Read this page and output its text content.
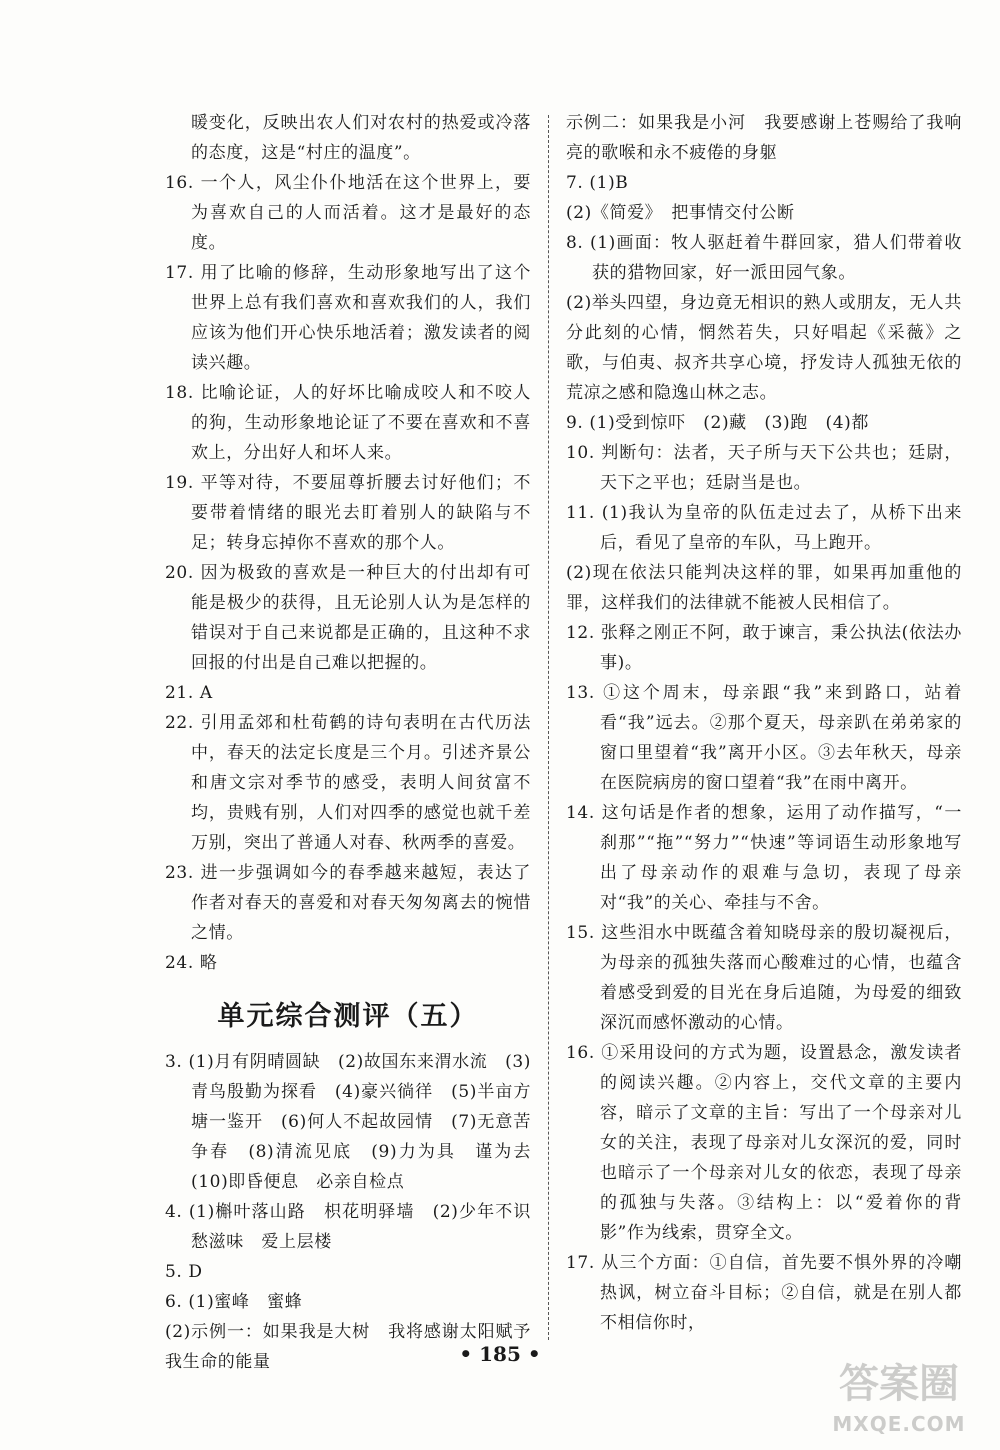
暖变化，反映出农人们对农村的热爱或冷落的态度，这是“村庄的温度”。

16. 一个人，风尘仆仆地活在这个世界上，要为喜欢自己的人而活着。这才是最好的态度。

17. 用了比喻的修辞，生动形象地写出了这个世界上总有我们喜欢和喜欢我们的人，我们应该为他们开心快乐地活着；激发读者的阅读兴趣。

18. 比喻论证，人的好坏比喻成咬人和不咬人的狗，生动形象地论证了不要在喜欢和不喜欢上，分出好人和坏人来。

19. 平等对待，不要屈尊折腰去讨好他们；不要带着情绪的眼光去盯着别人的缺陷与不足；转身忘掉你不喜欢的那个人。

20. 因为极致的喜欢是一种巨大的付出却有可能是极少的获得，且无论别人认为是怎样的错误对于自己来说都是正确的，且这种不求回报的付出是自己难以把握的。

21. A

22. 引用孟郊和杜荀鹤的诗句表明在古代历法中，春天的法定长度是三个月。引述齐景公和唐文宗对季节的感受，表明人间贫富不均，贵贱有别，人们对四季的感觉也就千差万别，突出了普通人对春、秋两季的喜爱。

23. 进一步强调如今的春季越来越短，表达了作者对春天的喜爱和对春天匆匆离去的惋惜之情。

24. 略

单元综合测评（五）

3. (1)月有阴晴圆缺　(2)故国东来渭水流　(3)青鸟殷勤为探看　(4)豪兴徜徉　(5)半亩方塘一鉴开　(6)何人不起故园情　(7)无意苦争春　(8)清流见底　(9)力为具　谨为去　(10)即昏便息　必亲自检点

4. (1)槲叶落山路　枳花明驿墙　(2)少年不识愁滋味　爱上层楼

5. D

6. (1)蜜峰　蜜蜂

(2)示例一：如果我是大树　我将感谢太阳赋予我生命的能量

示例二：如果我是小河　我要感谢上苍赐给了我响亮的歌喉和永不疲倦的身躯

7. (1)B

(2)《简爱》　把事情交付公断

8. (1)画面：牧人驱赶着牛群回家，猎人们带着收获的猎物回家，好一派田园气象。

(2)举头四望，身边竟无相识的熟人或朋友，无人共分此刻的心情，惘然若失，只好唱起《采薇》之歌，与伯夷、叔齐共享心境，抒发诗人孤独无依的荒凉之感和隐逸山林之志。

9. (1)受到惊吓　(2)藏　(3)跑　(4)都

10. 判断句：法者，天子所与天下公共也；廷尉，天下之平也；廷尉当是也。

11. (1)我认为皇帝的队伍走过去了，从桥下出来后，看见了皇帝的车队，马上跑开。

(2)现在依法只能判决这样的罪，如果再加重他的罪，这样我们的法律就不能被人民相信了。

12. 张释之刚正不阿，敢于谏言，秉公执法(依法办事)。

13. ①这个周末，母亲跟“我”来到路口，站着看“我”远去。②那个夏天，母亲趴在弟弟家的窗口里望着“我”离开小区。③去年秋天，母亲在医院病房的窗口望着“我”在雨中离开。

14. 这句话是作者的想象，运用了动作描写，“一刹那”“拖”“努力”“快速”等词语生动形象地写出了母亲动作的艰难与急切，表现了母亲对“我”的关心、牵挂与不舍。

15. 这些泪水中既蕴含着知晓母亲的殷切凝视后，为母亲的孤独失落而心酸难过的心情，也蕴含着感受到爱的目光在身后追随，为母爱的细致深沉而感怀激动的心情。

16. ①采用设问的方式为题，设置悬念，激发读者的阅读兴趣。②内容上，交代文章的主要内容，暗示了文章的主旨：写出了一个母亲对儿女的关注，表现了母亲对儿女深沉的爱，同时也暗示了一个母亲对儿女的依恋，表现了母亲的孤独与失落。③结构上：以“爱着你的背影”作为线索，贯穿全文。

17. 从三个方面：①自信，首先要不惧外界的冷嘲热讽，树立奋斗目标；②自信，就是在别人都不相信你时，

• 185 •
答案圈
MXQE.COM
